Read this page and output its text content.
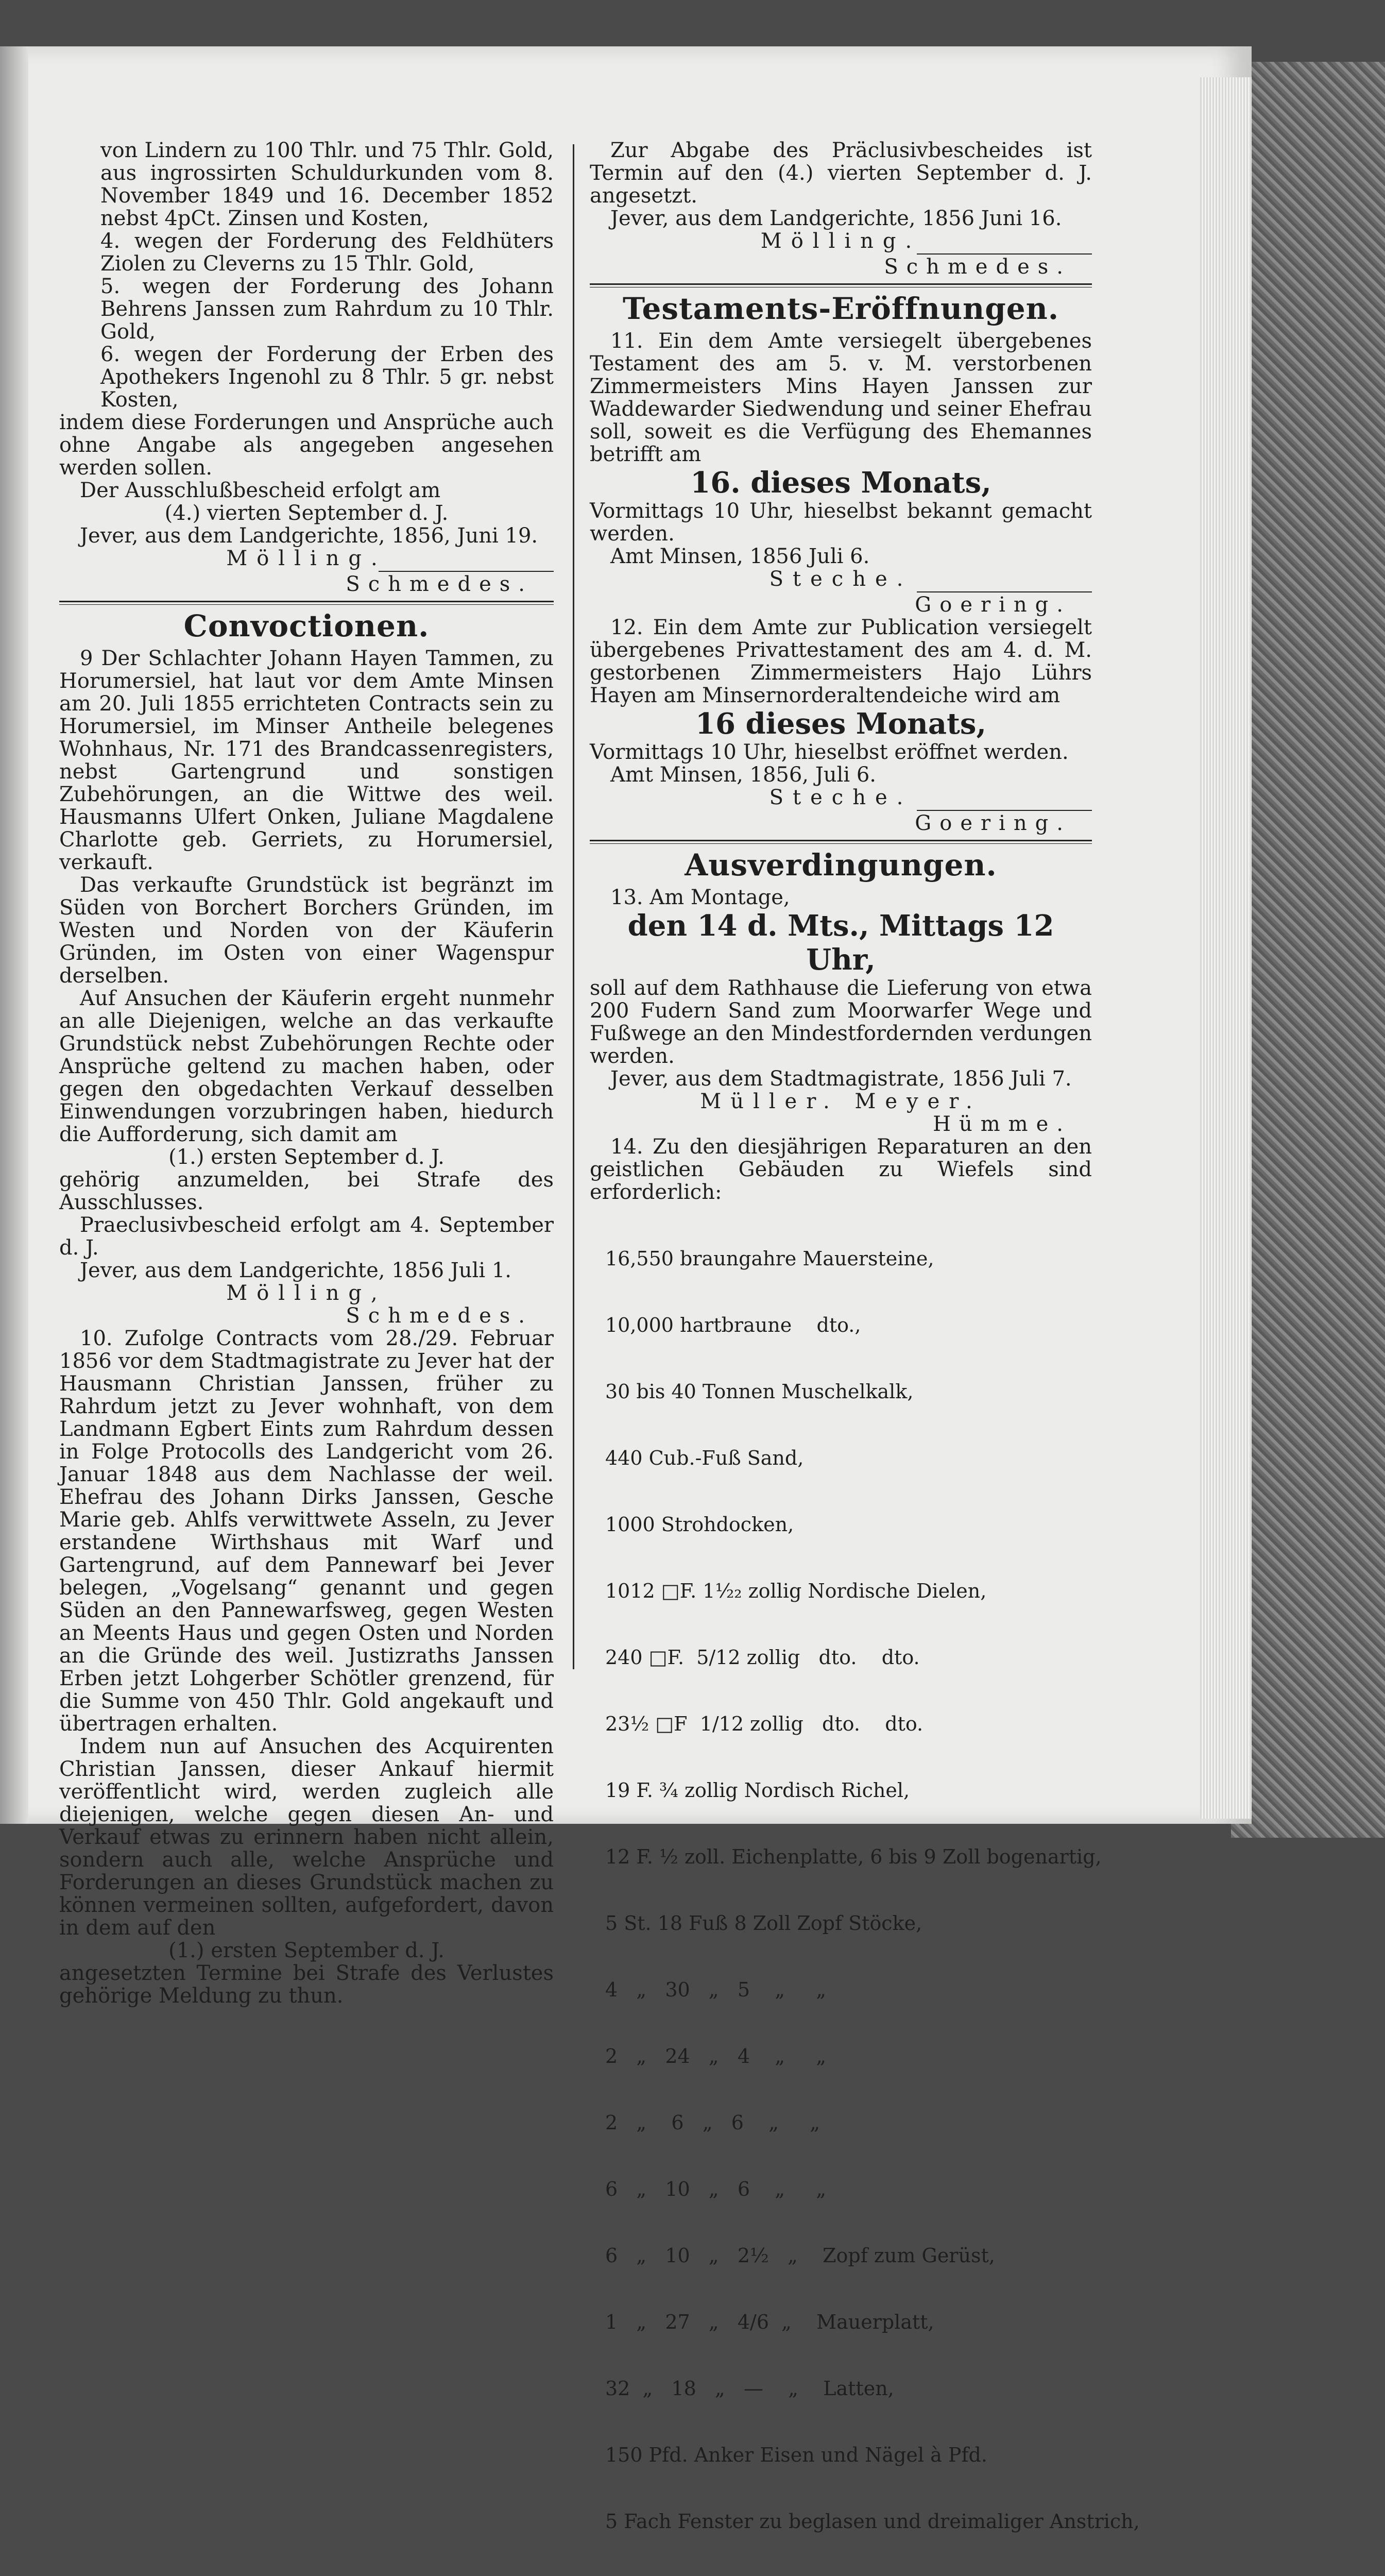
von Lindern zu 100 Thlr. und 75 Thlr. Gold, aus ingrossirten Schuldurkunden vom 8. November 1849 und 16. December 1852 nebst 4pCt. Zinsen und Kosten,

4. wegen der Forderung des Feldhüters Ziolen zu Cleverns zu 15 Thlr. Gold,

5. wegen der Forderung des Johann Behrens Janssen zum Rahrdum zu 10 Thlr. Gold,

6. wegen der Forderung der Erben des Apothekers Ingenohl zu 8 Thlr. 5 gr. nebst Kosten,

indem diese Forderungen und Ansprüche auch ohne Angabe als angegeben angesehen werden sollen.

Der Ausschlußbescheid erfolgt am

(4.) vierten September d. J.

Jever, aus dem Landgerichte, 1856, Juni 19.

Mölling.

Schmedes.

Convoctionen.

9 Der Schlachter Johann Hayen Tammen, zu Horumersiel, hat laut vor dem Amte Minsen am 20. Juli 1855 errichteten Contracts sein zu Horumersiel, im Minser Antheile belegenes Wohnhaus, Nr. 171 des Brandcassenregisters, nebst Gartengrund und sonstigen Zubehörungen, an die Wittwe des weil. Hausmanns Ulfert Onken, Juliane Magdalene Charlotte geb. Gerriets, zu Horumersiel, verkauft.

Das verkaufte Grundstück ist begränzt im Süden von Borchert Borchers Gründen, im Westen und Norden von der Käuferin Gründen, im Osten von einer Wagenspur derselben.

Auf Ansuchen der Käuferin ergeht nunmehr an alle Diejenigen, welche an das verkaufte Grundstück nebst Zubehörungen Rechte oder Ansprüche geltend zu machen haben, oder gegen den obgedachten Verkauf desselben Einwendungen vorzubringen haben, hiedurch die Aufforderung, sich damit am

(1.) ersten September d. J.

gehörig anzumelden, bei Strafe des Ausschlusses.

Praeclusivbescheid erfolgt am 4. September d. J.

Jever, aus dem Landgerichte, 1856 Juli 1.

Mölling,

Schmedes.

10. Zufolge Contracts vom 28./29. Februar 1856 vor dem Stadtmagistrate zu Jever hat der Hausmann Christian Janssen, früher zu Rahrdum jetzt zu Jever wohnhaft, von dem Landmann Egbert Eints zum Rahrdum dessen in Folge Protocolls des Landgericht vom 26. Januar 1848 aus dem Nachlasse der weil. Ehefrau des Johann Dirks Janssen, Gesche Marie geb. Ahlfs verwittwete Asseln, zu Jever erstandene Wirthshaus mit Warf und Gartengrund, auf dem Pannewarf bei Jever belegen, „Vogelsang“ genannt und gegen Süden an den Pannewarfsweg, gegen Westen an Meents Haus und gegen Osten und Norden an die Gründe des weil. Justizraths Janssen Erben jetzt Lohgerber Schötler grenzend, für die Summe von 450 Thlr. Gold angekauft und übertragen erhalten.

Indem nun auf Ansuchen des Acquirenten Christian Janssen, dieser Ankauf hiermit veröffentlicht wird, werden zugleich alle diejenigen, welche gegen diesen An- und Verkauf etwas zu erinnern haben nicht allein, sondern auch alle, welche Ansprüche und Forderungen an dieses Grundstück machen zu können vermeinen sollten, aufgefordert, davon in dem auf den

(1.) ersten September d. J.

angesetzten Termine bei Strafe des Verlustes gehörige Meldung zu thun.

Zur Abgabe des Präclusivbescheides ist Termin auf den (4.) vierten September d. J. angesetzt.

Jever, aus dem Landgerichte, 1856 Juni 16.

Mölling.

Schmedes.

Testaments-Eröffnungen.

11. Ein dem Amte versiegelt übergebenes Testament des am 5. v. M. verstorbenen Zimmermeisters Mins Hayen Janssen zur Waddewarder Siedwendung und seiner Ehefrau soll, soweit es die Verfügung des Ehemannes betrifft am

16. dieses Monats,

Vormittags 10 Uhr, hieselbst bekannt gemacht werden.

Amt Minsen, 1856 Juli 6.

Steche.

Goering.

12. Ein dem Amte zur Publication versiegelt übergebenes Privattestament des am 4. d. M. gestorbenen Zimmermeisters Hajo Lührs Hayen am Minsernorderaltendeiche wird am

16 dieses Monats,

Vormittags 10 Uhr, hieselbst eröffnet werden.

Amt Minsen, 1856, Juli 6.

Steche.

Goering.

Ausverdingungen.

13. Am Montage,

den 14 d. Mts., Mittags 12 Uhr,

soll auf dem Rathhause die Lieferung von etwa 200 Fudern Sand zum Moorwarfer Wege und Fußwege an den Mindestfordernden verdungen werden.

Jever, aus dem Stadtmagistrate, 1856 Juli 7.

Müller. Meyer.

Hümme.

14. Zu den diesjährigen Reparaturen an den geistlichen Gebäuden zu Wiefels sind erforderlich:

16,550 braungahre Mauersteine,

10,000 hartbraune    dto.,

30 bis 40 Tonnen Muschelkalk,

440 Cub.-Fuß Sand,

1000 Strohdocken,

1012 □F. 1½₂ zollig Nordische Dielen,

240 □F.  5/12 zollig   dto.    dto.

23½ □F  1/12 zollig   dto.    dto.

19 F. ¾ zollig Nordisch Richel,

12 F. ½ zoll. Eichenplatte, 6 bis 9 Zoll bogenartig,

5 St. 18 Fuß 8 Zoll Zopf Stöcke,

4   „   30   „   5    „     „

2   „   24   „   4    „     „

2   „    6   „   6    „     „

6   „   10   „   6    „     „

6   „   10   „   2½   „    Zopf zum Gerüst,

1   „   27   „   4/6  „    Mauerplatt,

32  „   18   „   —    „    Latten,

150 Pfd. Anker Eisen und Nägel à Pfd.

5 Fach Fenster zu beglasen und dreimaliger Anstrich,
